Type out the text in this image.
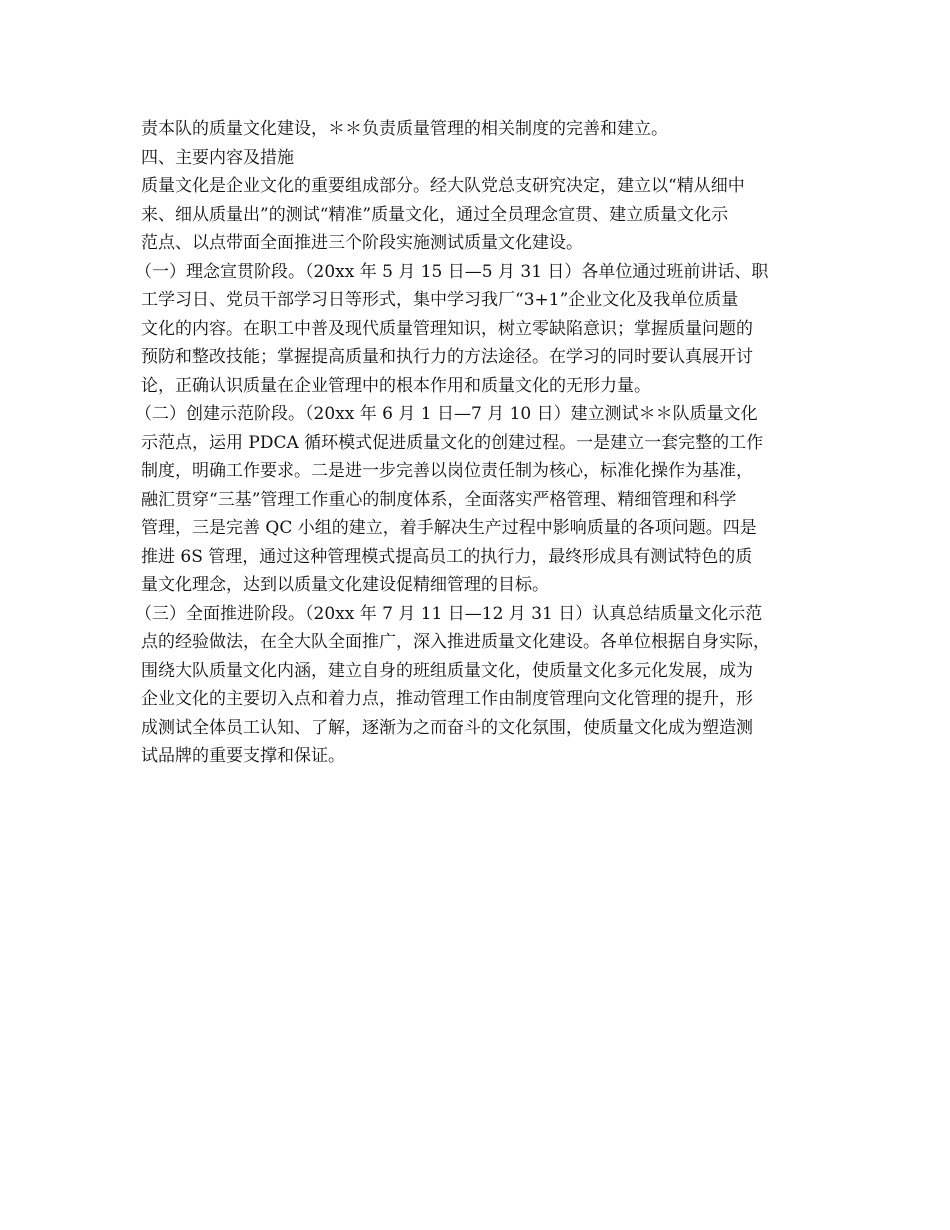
责本队的质量文化建设，＊＊负责质量管理的相关制度的完善和建立。
四、主要内容及措施
质量文化是企业文化的重要组成部分。经大队党总支研究决定，建立以“精从细中
来、细从质量出”的测试“精准”质量文化，通过全员理念宣贯、建立质量文化示
范点、以点带面全面推进三个阶段实施测试质量文化建设。
（一）理念宣贯阶段。（20xx 年 5 月 15 日—5 月 31 日）各单位通过班前讲话、职
工学习日、党员干部学习日等形式，集中学习我厂“3+1”企业文化及我单位质量
文化的内容。在职工中普及现代质量管理知识，树立零缺陷意识；掌握质量问题的
预防和整改技能；掌握提高质量和执行力的方法途径。在学习的同时要认真展开讨
论，正确认识质量在企业管理中的根本作用和质量文化的无形力量。
（二）创建示范阶段。（20xx 年 6 月 1 日—7 月 10 日）建立测试＊＊队质量文化
示范点，运用 PDCA 循环模式促进质量文化的创建过程。一是建立一套完整的工作
制度，明确工作要求。二是进一步完善以岗位责任制为核心，标准化操作为基准，
融汇贯穿“三基”管理工作重心的制度体系，全面落实严格管理、精细管理和科学
管理，三是完善 QC 小组的建立，着手解决生产过程中影响质量的各项问题。四是
推进 6S 管理，通过这种管理模式提高员工的执行力，最终形成具有测试特色的质
量文化理念，达到以质量文化建设促精细管理的目标。
（三）全面推进阶段。（20xx 年 7 月 11 日—12 月 31 日）认真总结质量文化示范
点的经验做法，在全大队全面推广，深入推进质量文化建设。各单位根据自身实际，
围绕大队质量文化内涵，建立自身的班组质量文化，使质量文化多元化发展，成为
企业文化的主要切入点和着力点，推动管理工作由制度管理向文化管理的提升，形
成测试全体员工认知、了解，逐渐为之而奋斗的文化氛围，使质量文化成为塑造测
试品牌的重要支撑和保证。
